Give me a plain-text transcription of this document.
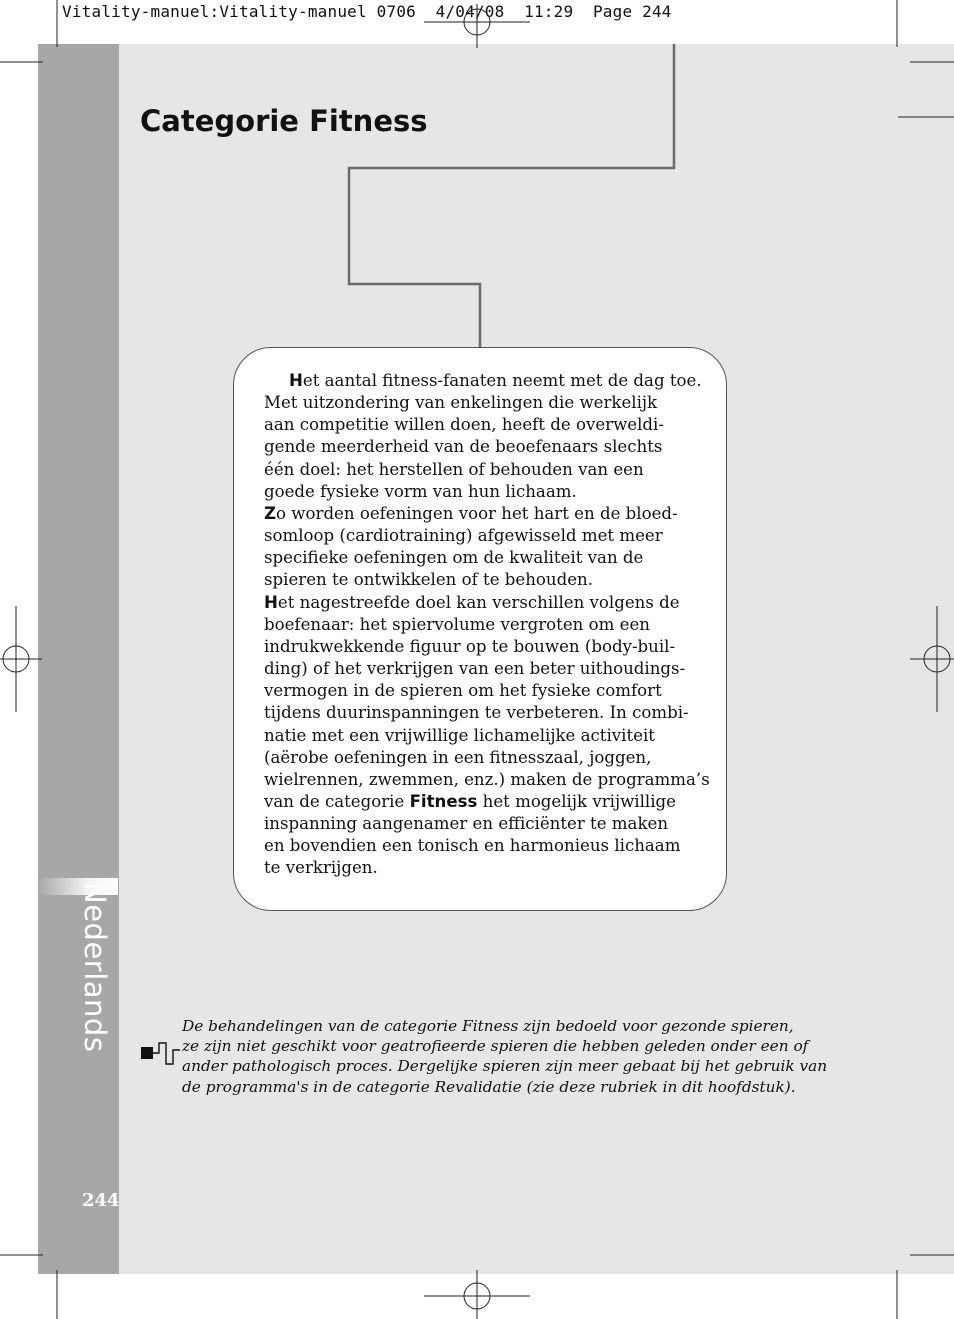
Vitality-manuel:Vitality-manuel 0706  4/04/08  11:29  Page 244
Nederlands
244
Categorie Fitness

Het aantal fitness-fanaten neemt met de dag toe.
Met uitzondering van enkelingen die werkelijk
aan competitie willen doen, heeft de overweldi-
gende meerderheid van de beoefenaars slechts
één doel: het herstellen of behouden van een
goede fysieke vorm van hun lichaam.
Zo worden oefeningen voor het hart en de bloed-
somloop (cardiotraining) afgewisseld met meer
specifieke oefeningen om de kwaliteit van de
spieren te ontwikkelen of te behouden.
Het nagestreefde doel kan verschillen volgens de
boefenaar: het spiervolume vergroten om een
indrukwekkende figuur op te bouwen (body-buil-
ding) of het verkrijgen van een beter uithoudings-
vermogen in de spieren om het fysieke comfort
tijdens duurinspanningen te verbeteren. In combi-
natie met een vrijwillige lichamelijke activiteit
(aërobe oefeningen in een fitnesszaal, joggen,
wielrennen, zwemmen, enz.) maken de programma’s
van de categorie Fitness het mogelijk vrijwillige
inspanning aangenamer en efficiënter te maken
en bovendien een tonisch en harmonieus lichaam
te verkrijgen.

De behandelingen van de categorie Fitness zijn bedoeld voor gezonde spieren,
ze zijn niet geschikt voor geatrofieerde spieren die hebben geleden onder een of
ander pathologisch proces. Dergelijke spieren zijn meer gebaat bij het gebruik van
de programma's in de categorie Revalidatie (zie deze rubriek in dit hoofdstuk).
